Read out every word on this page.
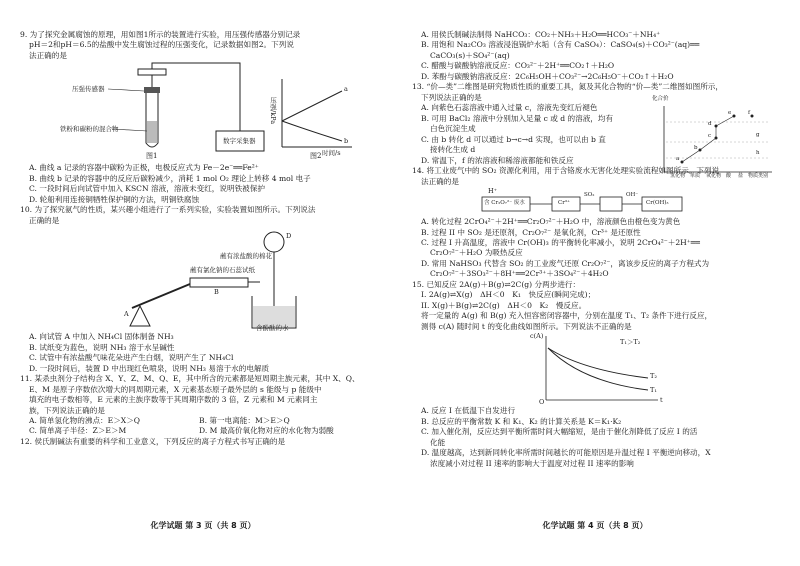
9. 为了探究金属腐蚀的原理，用如图1所示的装置进行实验，用压强传感器分别记录
pH＝2和pH＝6.5的盐酸中发生腐蚀过程的压强变化，记录数据如图2。下列说
法正确的是
压强传感器
铁粉和碳粉的混合物
数字采集器
图1
压强/kPa
时间/s
a
b
图2
A. 曲线 a 记录的容器中碳粉为正极，电极反应式为 Fe－2e⁻══Fe²⁺
B. 曲线 b 记录的容器中的反应后碳粉减少，消耗 1 mol O₂ 理论上转移 4 mol 电子
C. 一段时间后向试管中加入 KSCN 溶液，溶液未变红，说明铁被保护
D. 轮船利用连接铜牺牲保护铜的方法，明铜铁腐蚀
10. 为了探究氨气的性质，某兴趣小组进行了一系列实验，实验装置如图所示。下列说法
正确的是
蘸有浓盐酸的棉花
蘸有氯化钠的石蕊试纸
含酚酞的水
A
B
D
A. 向试管 A 中加入 NH₄Cl 固体制备 NH₃
B. 试纸变为蓝色，说明 NH₃ 溶于水呈碱性
C. 试管中有浓盐酸气味花朵进产生白烟，说明产生了 NH₄Cl
D. 一段时间后，装置 D 中出现红色喷泉，说明 NH₃ 易溶于水的电解质
11. 某杀虫剂分子结构含 X、Y、Z、M、Q、E，其中所含的元素都是短周期主族元素，其中 X、Q、
E、M 是原子序数依次增大的同周期元素，X 元素基态原子最外层的 s 能级与 p 能级中
填充的电子数相等，E 元素的主族序数等于其周期序数的 3 倍，Z 元素和 M 元素同主
族，下列说法正确的是
A. 简单氢化物的沸点：E＞X＞Q	B. 第一电离能：M＞E＞Q
C. 简单离子半径：Z＞E＞M	D. M 最高价氧化物对应的水化物为弱酸
12. 侯氏制碱法有重要的科学和工业意义，下列反应的离子方程式书写正确的是
化学试题 第 3 页（共 8 页）
A. 用侯氏制碱法制得 NaHCO₃：CO₂＋NH₃＋H₂O══HCO₃⁻＋NH₄⁺
B. 用饱和 Na₂CO₃ 溶液浸泡锅炉水垢（含有 CaSO₄）：CaSO₄(s)＋CO₃²⁻(aq)══
CaCO₃(s)＋SO₄²⁻(aq)
C. 醋酸与碳酸钠溶液反应：CO₃²⁻＋2H⁺══CO₂↑＋H₂O
D. 苯酚与碳酸钠溶液反应：2C₆H₅OH＋CO₃²⁻→2C₆H₅O⁻＋CO₂↑＋H₂O
13. “价—类”二维图是研究物质性质的重要工具，氮及其化合物的“价—类”二维图如图所示，
下列说法正确的是
A. 向紫色石蕊溶液中通入过量 c，溶液先变红后褪色
B. 可用 BaCl₂ 溶液中分别加入足量 c 或 d 的溶液，均有
白色沉淀生成
C. 由 b 转化 d 可以通过 b→c→d 实现，也可以由 b 直
接转化生成 d
D. 常温下，f 的浓溶液和稀溶液都能和铁反应
化合价
氢化物 单质 氧化物 酸 盐 物质类别
a
b
c
d
e	f
g
h
14. 将工业废气中的 SO₂ 资源化利用，用于含铬废水无害化处理实验流程如图所示。下列说
法正确的是
H⁺
含 Cr₂O₇²⁻ 废水	Cr³⁺
SO₂	OH⁻
Cr(OH)₃
A. 转化过程 2CrO₄²⁻＋2H⁺══Cr₂O₇²⁻＋H₂O 中，溶液颜色由橙色变为黄色
B. 过程 II 中 SO₂ 是还原剂，Cr₂O₇²⁻ 是氧化剂，Cr³⁺ 是还原性
C. 过程 I 升高温度，溶液中 Cr(OH)₃ 的平衡转化率减小，说明 2CrO₄²⁻＋2H⁺══
Cr₂O₇²⁻＋H₂O 为吸热反应
D. 常用 NaHSO₃ 代替含 SO₂ 的工业废气还原 Cr₂O₇²⁻，离该步反应的离子方程式为
Cr₂O₇²⁻＋3SO₃²⁻＋8H⁺══2Cr³⁺＋3SO₄²⁻＋4H₂O
15. 已知反应 2A(g)＋B(g)⇌2C(g) 分两步进行：
I. 2A(g)⇌X(g)　ΔH＜0　K₁　快反应(瞬间完成)；
II. X(g)＋B(g)⇌2C(g)　ΔH＜0　K₂　慢反应。
将一定量的 A(g) 和 B(g) 充入恒容密闭容器中，分别在温度 T₁、T₂ 条件下进行反应，
测得 c(A) 随时间 t 的变化曲线如图所示。下列说法不正确的是
c(A)
T₁＞T₂
T₂
T₁
O	t
A. 反应 I 在低温下自发进行
B. 总反应的平衡常数 K 和 K₁、K₂ 的计算关系是 K＝K₁·K₂
C. 加入催化剂，反应达到平衡所需时间大幅缩短，是由于催化剂降低了反应 I 的活
化能
D. 温度越高，达到新同转化率所需时间越长的可能原因是升温过程 I 平衡逆向移动，X
浓度减小对过程 II 速率的影响大于温度对过程 II 速率的影响
化学试题 第 4 页（共 8 页）
